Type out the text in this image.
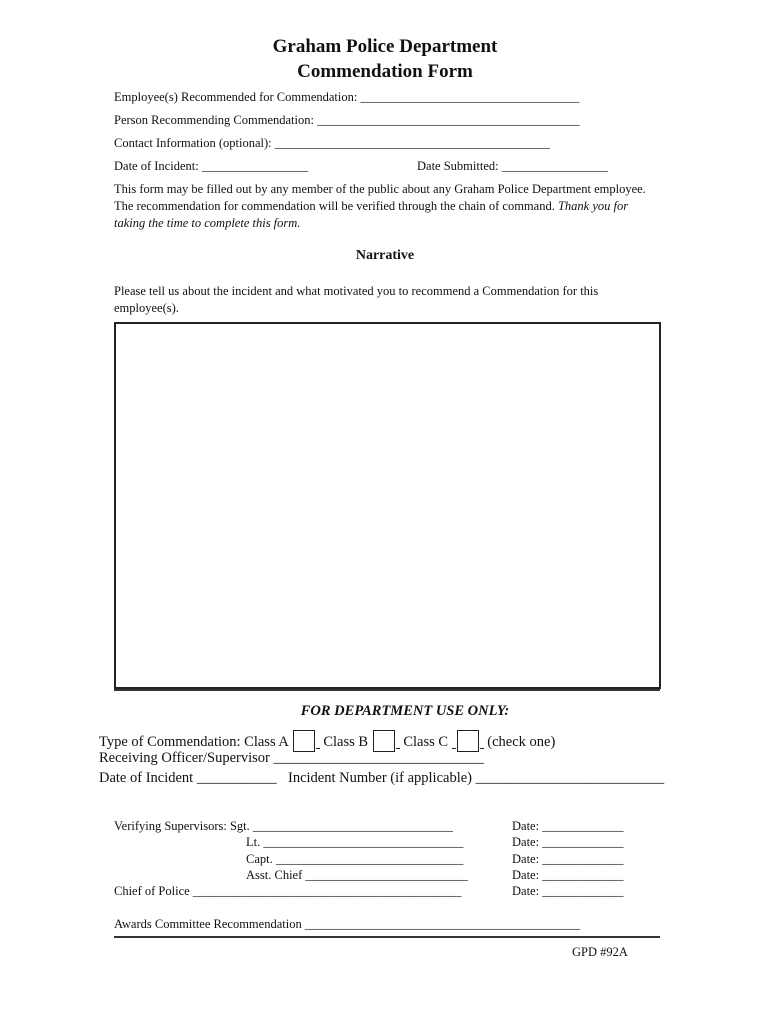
Graham Police Department
Commendation Form
Employee(s) Recommended for Commendation: ___________________________________
Person Recommending Commendation: __________________________________________
Contact Information (optional): ____________________________________________
Date of Incident: _________________	Date Submitted: _________________
This form may be filled out by any member of the public about any Graham Police Department employee. The recommendation for commendation will be verified through the chain of command. Thank you for taking the time to complete this form.
Narrative
Please tell us about the incident and what motivated you to recommend a Commendation for this employee(s).
FOR DEPARTMENT USE ONLY:
Type of Commendation: Class A Class B Class C	(check one)
Receiving Officer/Supervisor _____________________________
Date of Incident ___________ Incident Number (if applicable) __________________________
Verifying Supervisors: Sgt. ________________________________
Lt. ________________________________
Capt. ______________________________
Asst. Chief __________________________
Chief of Police ___________________________________________
Date: _____________
Date: _____________
Date: _____________
Date: _____________
Date: _____________
Awards Committee Recommendation ____________________________________________
GPD #92A
